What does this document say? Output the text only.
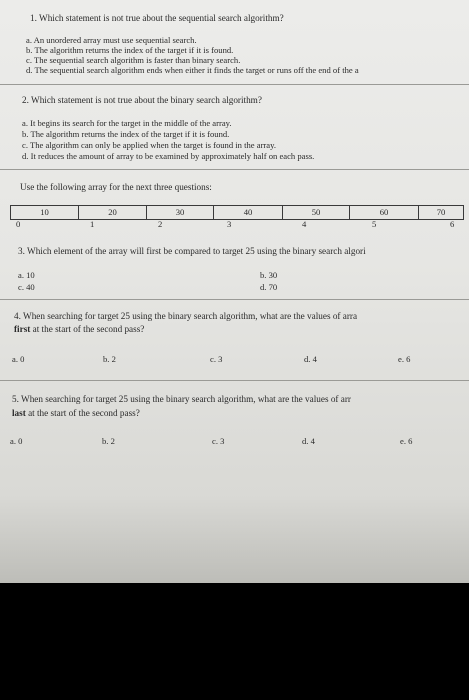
1. Which statement is not true about the sequential search algorithm?
a. An unordered array must use sequential search.
b. The algorithm returns the index of the target if it is found.
c. The sequential search algorithm is faster than binary search.
d. The sequential search algorithm ends when either it finds the target or runs off the end of the a
2. Which statement is not true about the binary search algorithm?
a. It begins its search for the target in the middle of the array.
b. The algorithm returns the index of the target if it is found.
c. The algorithm can only be applied when the target is found in the array.
d. It reduces the amount of array to be examined by approximately half on each pass.
Use the following array for the next three questions:
10	20	30	40	50	60	70
0	1	2	3	4	5	6
3. Which element of the array will first be compared to target 25 using the binary search algori
a. 10	b. 30
c. 40	d. 70
4. When searching for target 25 using the binary search algorithm, what are the values of arra
first at the start of the second pass?
a. 0	b. 2	c. 3	d. 4	e. 6
5. When searching for target 25 using the binary search algorithm, what are the values of arr
last at the start of the second pass?
a. 0	b. 2	c. 3	d. 4	e. 6
